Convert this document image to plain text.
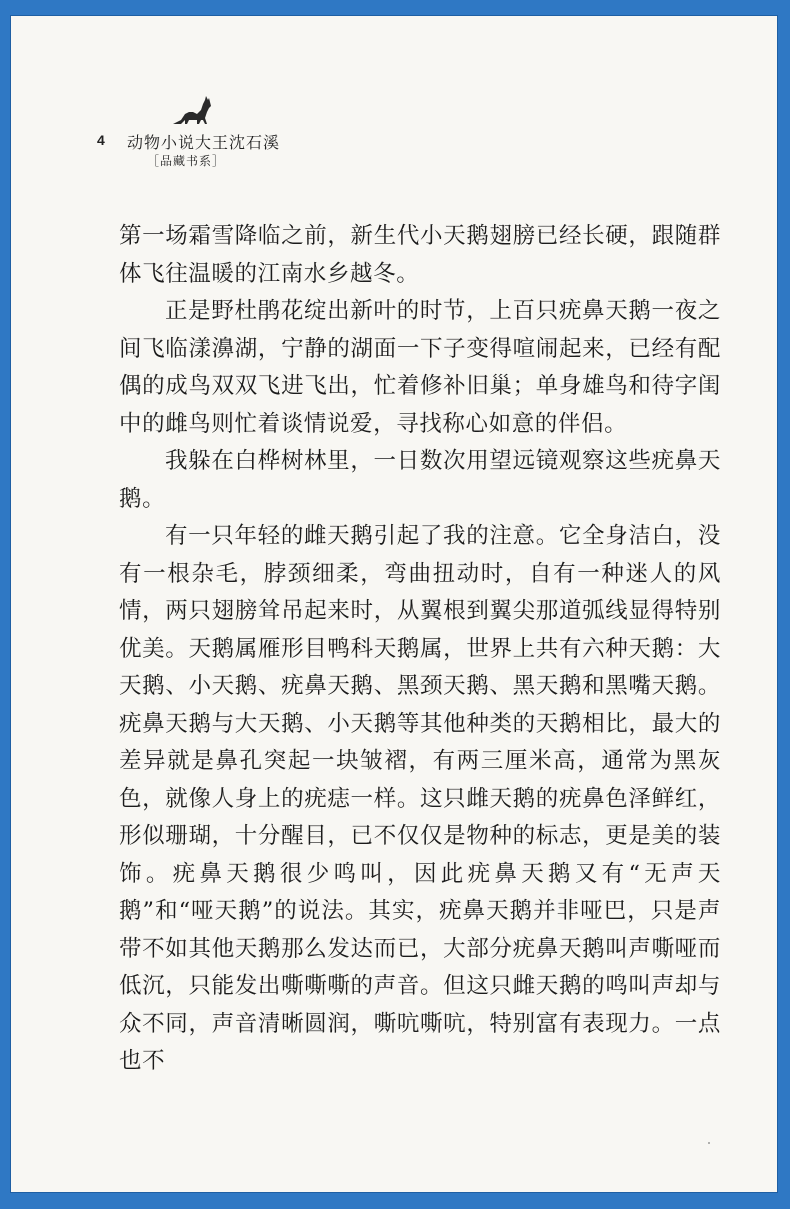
4 动物小说大王沈石溪
［品藏书系］

第一场霜雪降临之前，新生代小天鹅翅膀已经长硬，跟随群体飞往温暖的江南水乡越冬。

正是野杜鹃花绽出新叶的时节，上百只疣鼻天鹅一夜之间飞临漾濞湖，宁静的湖面一下子变得喧闹起来，已经有配偶的成鸟双双飞进飞出，忙着修补旧巢；单身雄鸟和待字闺中的雌鸟则忙着谈情说爱，寻找称心如意的伴侣。

我躲在白桦树林里，一日数次用望远镜观察这些疣鼻天鹅。

有一只年轻的雌天鹅引起了我的注意。它全身洁白，没有一根杂毛，脖颈细柔，弯曲扭动时，自有一种迷人的风情，两只翅膀耸吊起来时，从翼根到翼尖那道弧线显得特别优美。天鹅属雁形目鸭科天鹅属，世界上共有六种天鹅：大天鹅、小天鹅、疣鼻天鹅、黑颈天鹅、黑天鹅和黑嘴天鹅。疣鼻天鹅与大天鹅、小天鹅等其他种类的天鹅相比，最大的差异就是鼻孔突起一块皱褶，有两三厘米高，通常为黑灰色，就像人身上的疣痣一样。这只雌天鹅的疣鼻色泽鲜红，形似珊瑚，十分醒目，已不仅仅是物种的标志，更是美的装饰。疣鼻天鹅很少鸣叫，因此疣鼻天鹅又有“无声天鹅”和“哑天鹅”的说法。其实，疣鼻天鹅并非哑巴，只是声带不如其他天鹅那么发达而已，大部分疣鼻天鹅叫声嘶哑而低沉，只能发出嘶嘶嘶的声音。但这只雌天鹅的鸣叫声却与众不同，声音清晰圆润，嘶吭嘶吭，特别富有表现力。一点也不
